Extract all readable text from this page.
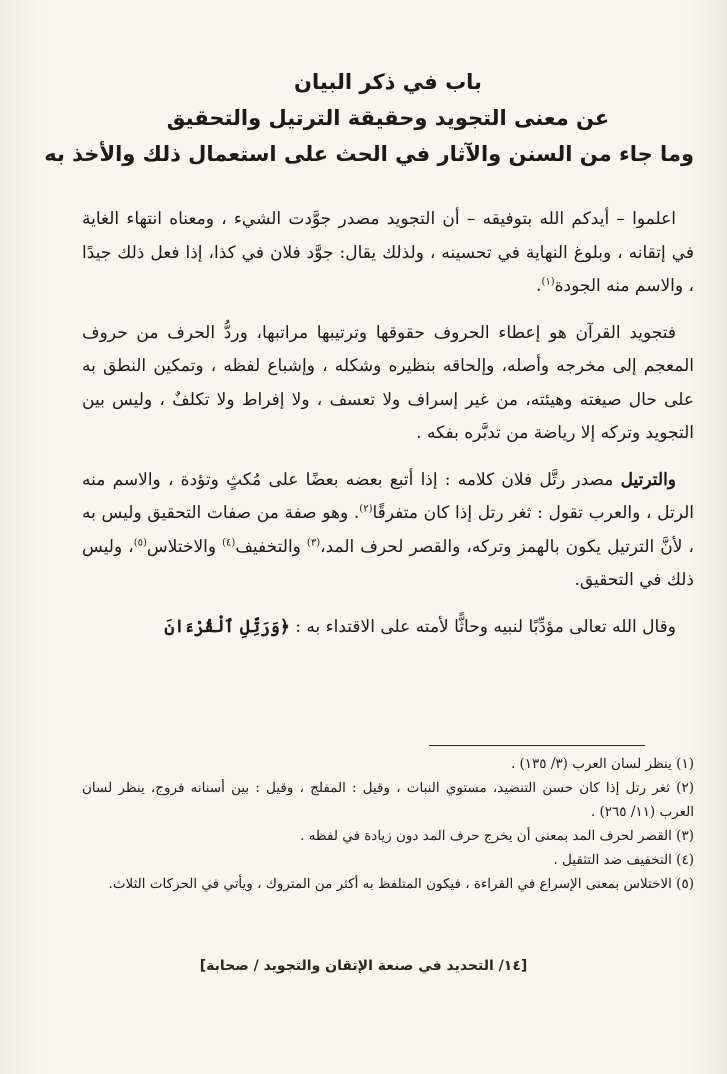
باب في ذكر البيان
عن معنى التجويد وحقيقة الترتيل والتحقيق
وما جاء من السنن والآثار في الحث على استعمال ذلك والأخذ به

اعلموا – أيدكم الله بتوفيقه – أن التجويد مصدر جوَّدت الشيء ، ومعناه انتهاء الغاية في إتقانه ، وبلوغ النهاية في تحسينه ، ولذلك يقال: جوَّد فلان في كذا، إذا فعل ذلك جيدًا ، والاسم منه الجودة$^{(١)}$.

فتجويد القرآن هو إعطاء الحروف حقوقها وترتيبها مراتبها، وردُّ الحرف من حروف المعجم إلى مخرجه وأصله، وإلحاقه بنظيره وشكله ، وإشباع لفظه ، وتمكين النطق به على حال صيغته وهيئته، من غير إسراف ولا تعسف ، ولا إفراط ولا تكلفٌ ، وليس بين التجويد وتركه إلا رياضة من تدبَّره بفكه .

والترتيل مصدر رتَّل فلان كلامه : إذا أتبع بعضه بعضًا على مُكثٍ وتؤدة ، والاسم منه الرتل ، والعرب تقول : ثغر رتل إذا كان متفرقًا$^{(٢)}$. وهو صفة من صفات التحقيق وليس به ، لأنَّ الترتيل يكون بالهمز وتركه، والقصر لحرف المد،$^{(٣)}$ والتخفيف$^{(٤)}$ والاختلاس$^{(٥)}$، وليس ذلك في التحقيق.

وقال الله تعالى مؤدِّبًا لنبيه وحاثًّا لأمته على الاقتداء به : ﴿وَرَتِّلِ ٱلْقُرْءَانَ

(١) ينظر لسان العرب (٣/ ١٣٥) .

(٢) ثغر رتل إذا كان حسن التنضيد، مستوي النبات ، وقيل : المفلج ، وقيل : بين أسنانه فروج، ينظر لسان العرب (١١/ ٢٦٥) .

(٣) القصر لحرف المد بمعنى أن يخرج حرف المد دون زيادة في لفظه .

(٤) التخفيف ضد التثقيل .

(٥) الاختلاس بمعنى الإسراع في القراءة ، فيكون المتلفظ به أكثر من المتروك ، ويأتي في الحركات الثلاث.

[١٤/ التحديد في صنعة الإتقان والتجويد / صحابة]
